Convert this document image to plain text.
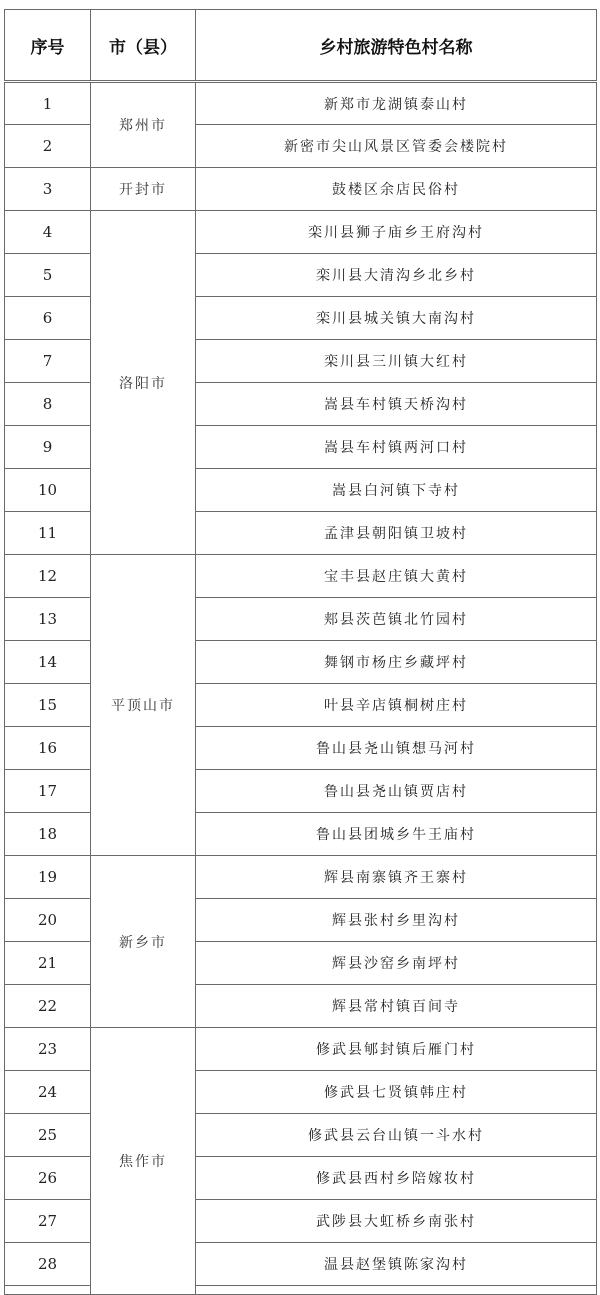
序号	市（县）	乡村旅游特色村名称	
1	郑州市	新郑市龙湖镇泰山村	
2		新密市尖山风景区管委会楼院村	
3	开封市	鼓楼区余店民俗村	
4	洛阳市	栾川县狮子庙乡王府沟村	
5		栾川县大清沟乡北乡村	
6		栾川县城关镇大南沟村	
7		栾川县三川镇大红村	
8		嵩县车村镇天桥沟村	
9		嵩县车村镇两河口村	
10		嵩县白河镇下寺村	
11		孟津县朝阳镇卫坡村	
12	平顶山市	宝丰县赵庄镇大黄村	
13		郏县茨芭镇北竹园村	
14		舞钢市杨庄乡藏坪村	
15		叶县辛店镇桐树庄村	
16		鲁山县尧山镇想马河村	
17		鲁山县尧山镇贾店村	
18		鲁山县团城乡牛王庙村	
19	新乡市	辉县南寨镇齐王寨村	
20		辉县张村乡里沟村	
21		辉县沙窑乡南坪村	
22		辉县常村镇百间寺	
23	焦作市	修武县郇封镇后雁门村	
24		修武县七贤镇韩庄村	
25		修武县云台山镇一斗水村	
26		修武县西村乡陪嫁妆村	
27		武陟县大虹桥乡南张村	
28		温县赵堡镇陈家沟村	
